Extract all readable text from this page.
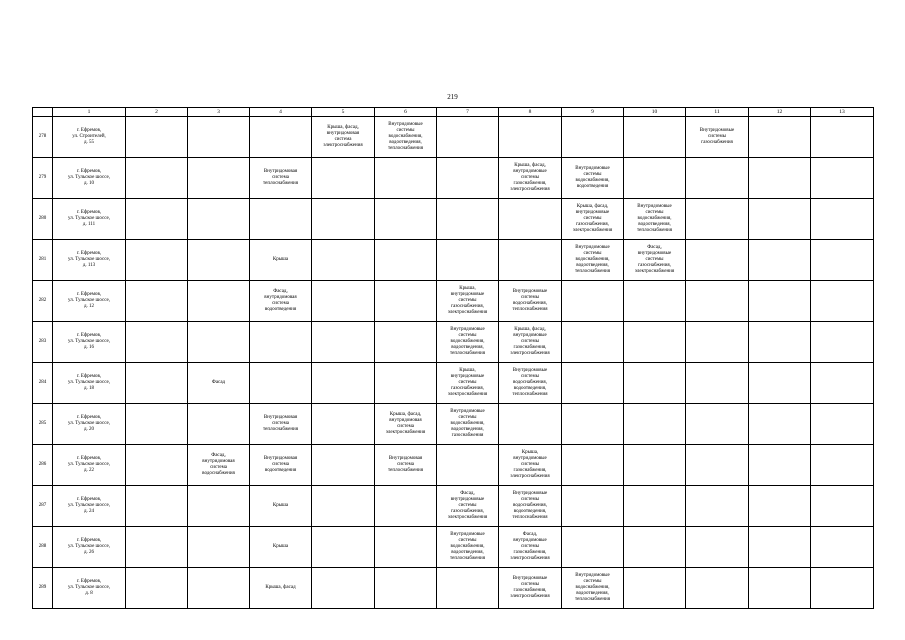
219
	1	2	3	4	5	6	7	8	9	10	11	12	13
278	г. Ефремов,
ул. Строителей,
д. 55				Крыша, фасад,
внутридомовая
система
электроснабжения	Внутридомовые
системы
водоснабжения,
водоотведения,
теплоснабжения					Внутридомовые
системы
газоснабжения		

279	г. Ефремов,
ул. Тульское шоссе,
д. 10			Внутридомовая
система
теплоснабжения				Крыша, фасад,
внутридомовые
системы
газоснабжения,
электроснабжения	Внутридомовые
системы
водоснабжения,
водоотведения				

280	г. Ефремов,
ул. Тульское шоссе,
д. 111								Крыша, фасад,
внутридомовые
системы
газоснабжения,
электроснабжения	Внутридомовые
системы
водоснабжения,
водоотведения,
теплоснабжения			

281	г. Ефремов,
ул. Тульское шоссе,
д. 113			Крыша					Внутридомовые
системы
водоснабжения,
водоотведения,
теплоснабжения	Фасад,
внутридомовые
системы
газоснабжения,
электроснабжения			

282	г. Ефремов,
ул. Тульское шоссе,
д. 12			Фасад,
внутридомовая
система
водоотведения			Крыша,
внутридомовые
системы
газоснабжения,
электроснабжения	Внутридомовые
системы
водоснабжения,
теплоснабжения					

283	г. Ефремов,
ул. Тульское шоссе,
д. 16						Внутридомовые
системы
водоснабжения,
водоотведения,
теплоснабжения	Крыша, фасад,
внутридомовые
системы
газоснабжения,
электроснабжения					

284	г. Ефремов,
ул. Тульское шоссе,
д. 18		Фасад				Крыша,
внутридомовые
системы
газоснабжения,
электроснабжения	Внутридомовые
системы
водоснабжения,
водоотведения,
теплоснабжения					

285	г. Ефремов,
ул. Тульское шоссе,
д. 20			Внутридомовая
система
теплоснабжения		Крыша, фасад,
внутридомовая
система
электроснабжения	Внутридомовые
системы
водоснабжения,
водоотведения,
газоснабжения						

286	г. Ефремов,
ул. Тульское шоссе,
д. 22		Фасад,
внутридомовая
система
водоснабжения	Внутридомовая
система
водоотведения		Внутридомовая
система
теплоснабжения		Крыша,
внутридомовые
системы
газоснабжения,
электроснабжения					

287	г. Ефремов,
ул. Тульское шоссе,
д. 24			Крыша			Фасад,
внутридомовые
системы
газоснабжения,
электроснабжения	Внутридомовые
системы
водоснабжения,
водоотведения,
теплоснабжения					

288	г. Ефремов,
ул. Тульское шоссе,
д. 26			Крыша			Внутридомовые
системы
водоснабжения,
водоотведения,
теплоснабжения	Фасад,
внутридомовые
системы
газоснабжения,
электроснабжения					

289	г. Ефремов,
ул. Тульское шоссе,
д. 8			Крыша, фасад				Внутридомовые
системы
газоснабжения,
электроснабжения	Внутридомовые
системы
водоснабжения,
водоотведения,
теплоснабжения				
